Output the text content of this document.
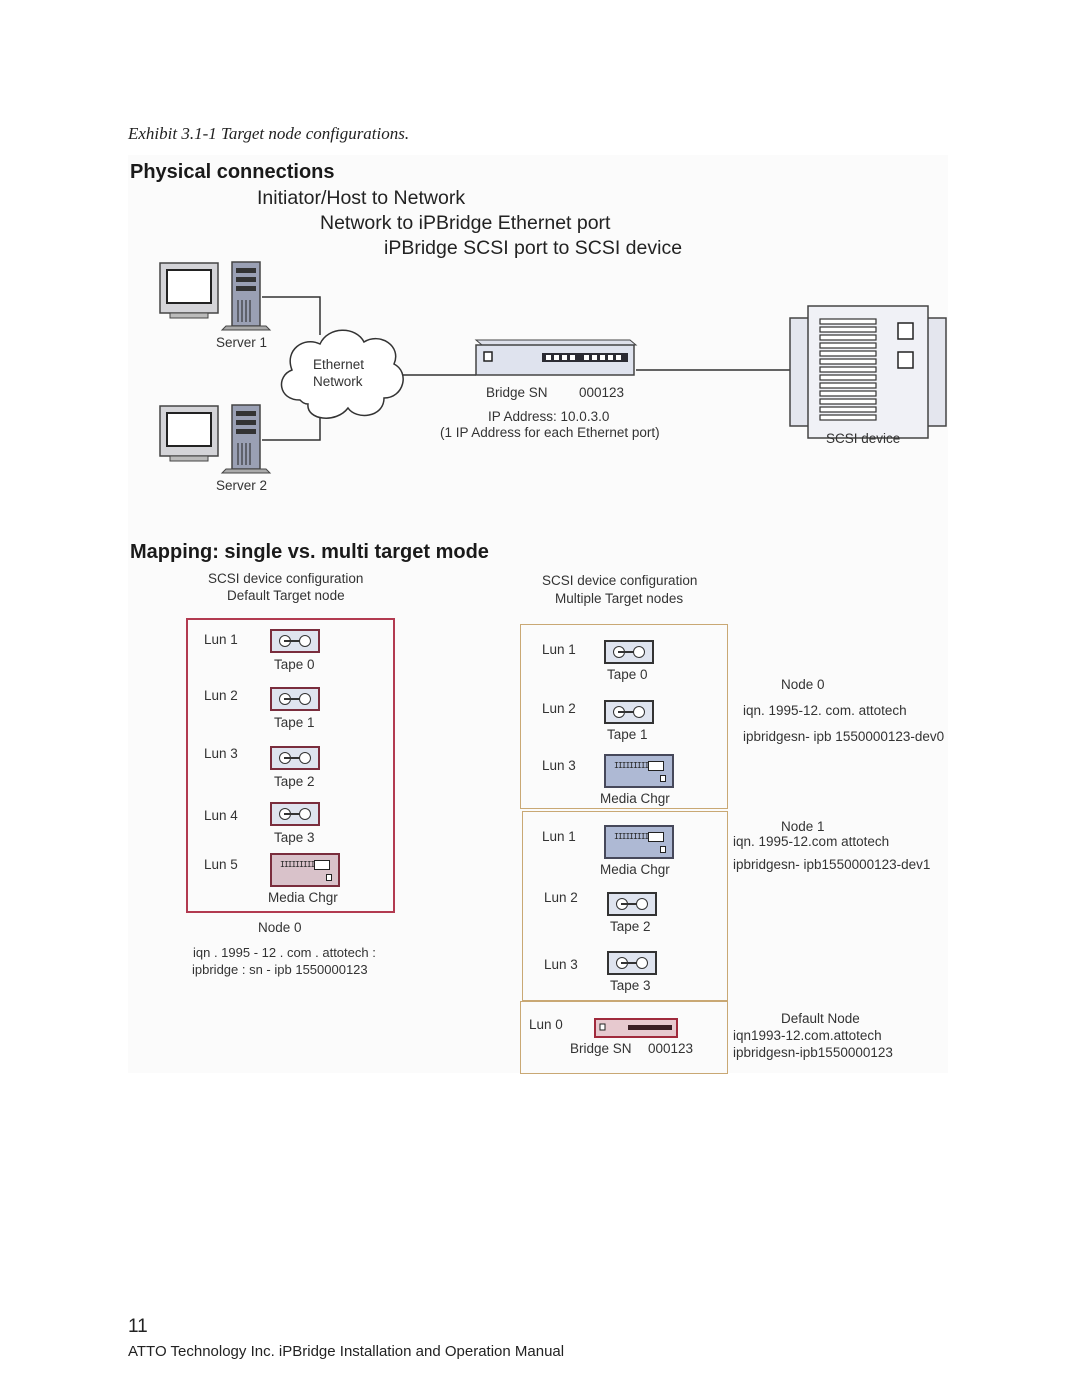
Exhibit 3.1-1 Target node configurations.
Physical connections
Initiator/Host to Network
Network to iPBridge Ethernet port
iPBridge SCSI port to SCSI device
Server 1
Server 2
Ethernet
Network
Bridge SN 000123
IP Address: 10.0.3.0
(1 IP Address for each Ethernet port)	SCSI device
Mapping: single vs. multi target mode
SCSI device configuration
Default Target node
Lun 1
Tape 0
Lun 2
Tape 1
Lun 3
Tape 2
Lun 4
Tape 3
Lun 5	IIIIIIIII
Media Chgr
Node 0
iqn . 1995 - 12 . com . attotech :
ipbridge : sn - ipb 1550000123
SCSI device configuration
Multiple Target nodes
Lun 1
Tape 0
Lun 2
Tape 1
Lun 3	IIIIIIIII
Media Chgr
Node 0
iqn. 1995-12. com. attotech
ipbridgesn- ipb 1550000123-dev0
Lun 1	IIIIIIIII
Media Chgr
Lun 2
Tape 2
Lun 3
Tape 3
Node 1
iqn. 1995-12.com attotech
ipbridgesn- ipb1550000123-dev1
Lun 0
Bridge SN 000123
Default Node
iqn1993-12.com.attotech
ipbridgesn-ipb1550000123
11
ATTO Technology Inc. iPBridge Installation and Operation Manual
